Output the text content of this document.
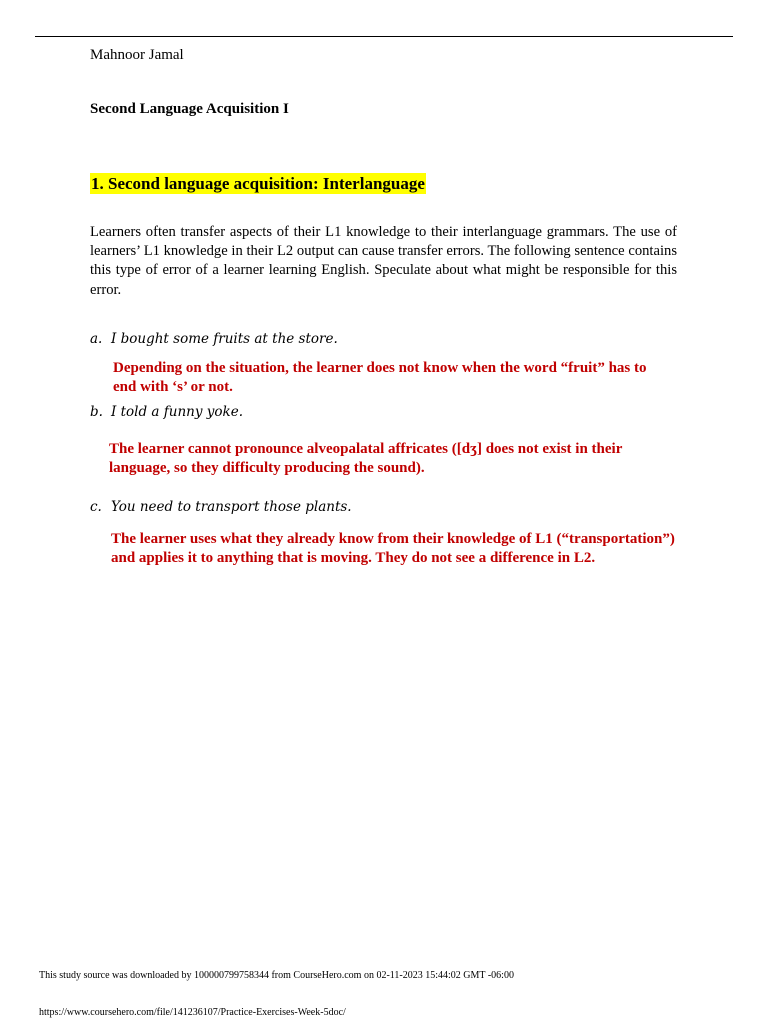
Mahnoor Jamal
Second Language Acquisition I
1. Second language acquisition: Interlanguage
Learners often transfer aspects of their L1 knowledge to their interlanguage grammars. The use of learners’ L1 knowledge in their L2 output can cause transfer errors. The following sentence contains this type of error of a learner learning English. Speculate about what might be responsible for this error.
a. I bought some fruits at the store.
Depending on the situation, the learner does not know when the word “fruit” has to end with ‘s’ or not.
b. I told a funny yoke.
The learner cannot pronounce alveopalatal affricates ([dʒ] does not exist in their language, so they difficulty producing the sound).
c. You need to transport those plants.
The learner uses what they already know from their knowledge of L1 (“transportation”) and applies it to anything that is moving. They do not see a difference in L2.
This study source was downloaded by 100000799758344 from CourseHero.com on 02-11-2023 15:44:02 GMT -06:00
https://www.coursehero.com/file/141236107/Practice-Exercises-Week-5doc/
